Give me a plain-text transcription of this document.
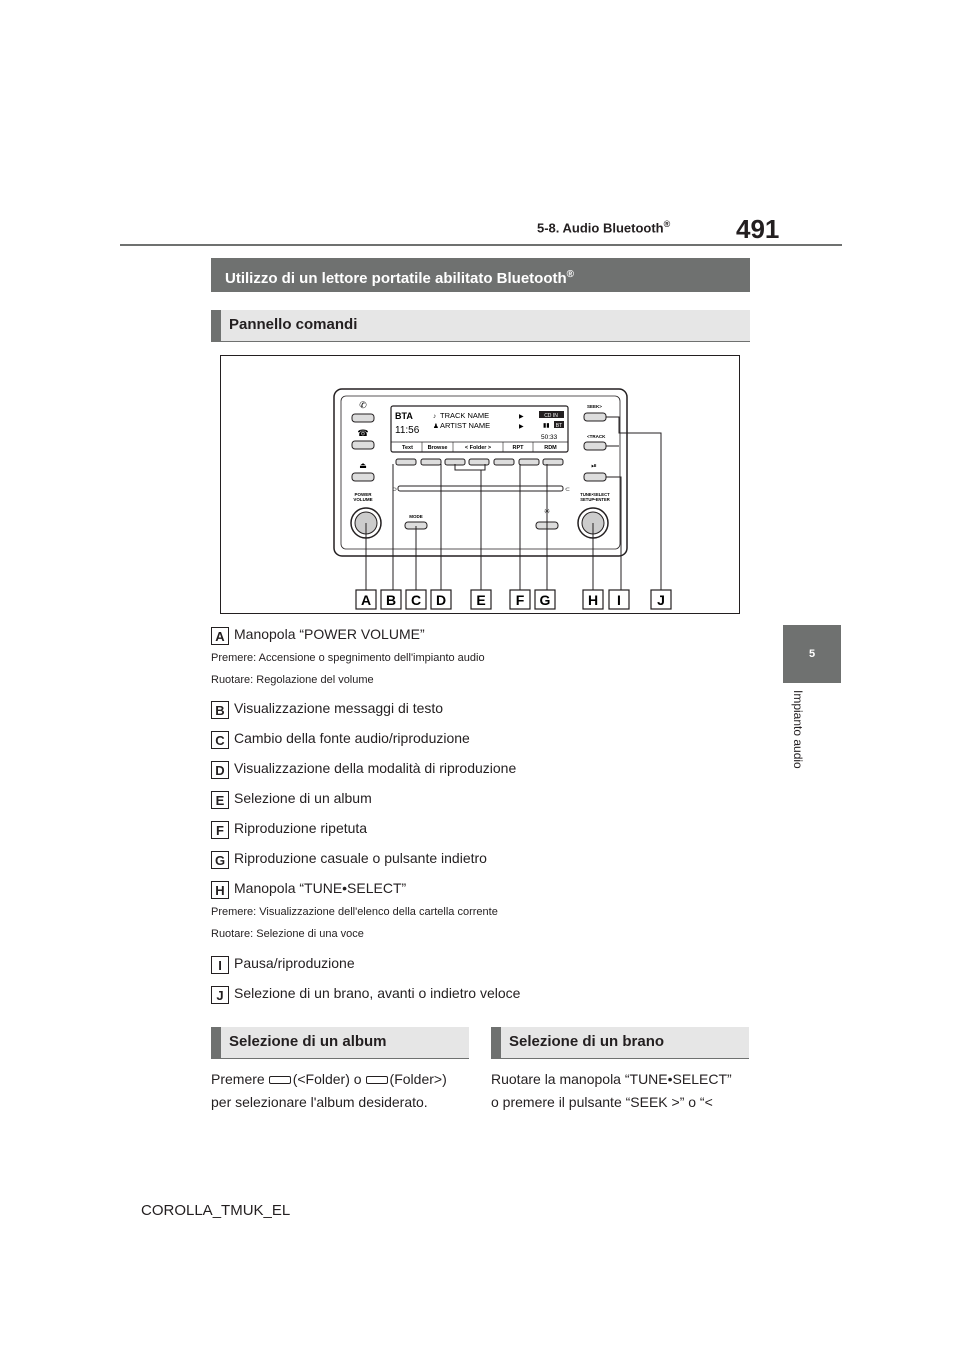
5-8. Audio Bluetooth®	491
5
Impianto audio
Utilizzo di un lettore portatile abilitato Bluetooth®
Pannello comandi
✆
☎
⏏
POWER
VOLUME
BTA
11:56
♪ TRACK NAME
♟ ARTIST NAME
▶
▶
CD IN
▮▮ BT
50:33
Text	Browse	< Folder >	RPT	RDM
⊃	⊂
MODE
✳
SEEK>
<TRACK
⏯
TUNE•SELECT
SETUP•ENTER
A B C D E F G	H I	J
A Manopola “POWER VOLUME”
Premere: Accensione o spegnimento dell'impianto audio
Ruotare: Regolazione del volume
B Visualizzazione messaggi di testo
C Cambio della fonte audio/riproduzione
D Visualizzazione della modalità di riproduzione
E Selezione di un album
F Riproduzione ripetuta
G Riproduzione casuale o pulsante indietro
H Manopola “TUNE•SELECT”
Premere: Visualizzazione dell'elenco della cartella corrente
Ruotare: Selezione di una voce
I Pausa/riproduzione
J Selezione di un brano, avanti o indietro veloce
Selezione di un album	Selezione di un brano
Premere (<Folder) o (Folder>)
per selezionare l'album desiderato.
Ruotare la manopola “TUNE•SELECT”
o premere il pulsante “SEEK >” o “<
COROLLA_TMUK_EL
